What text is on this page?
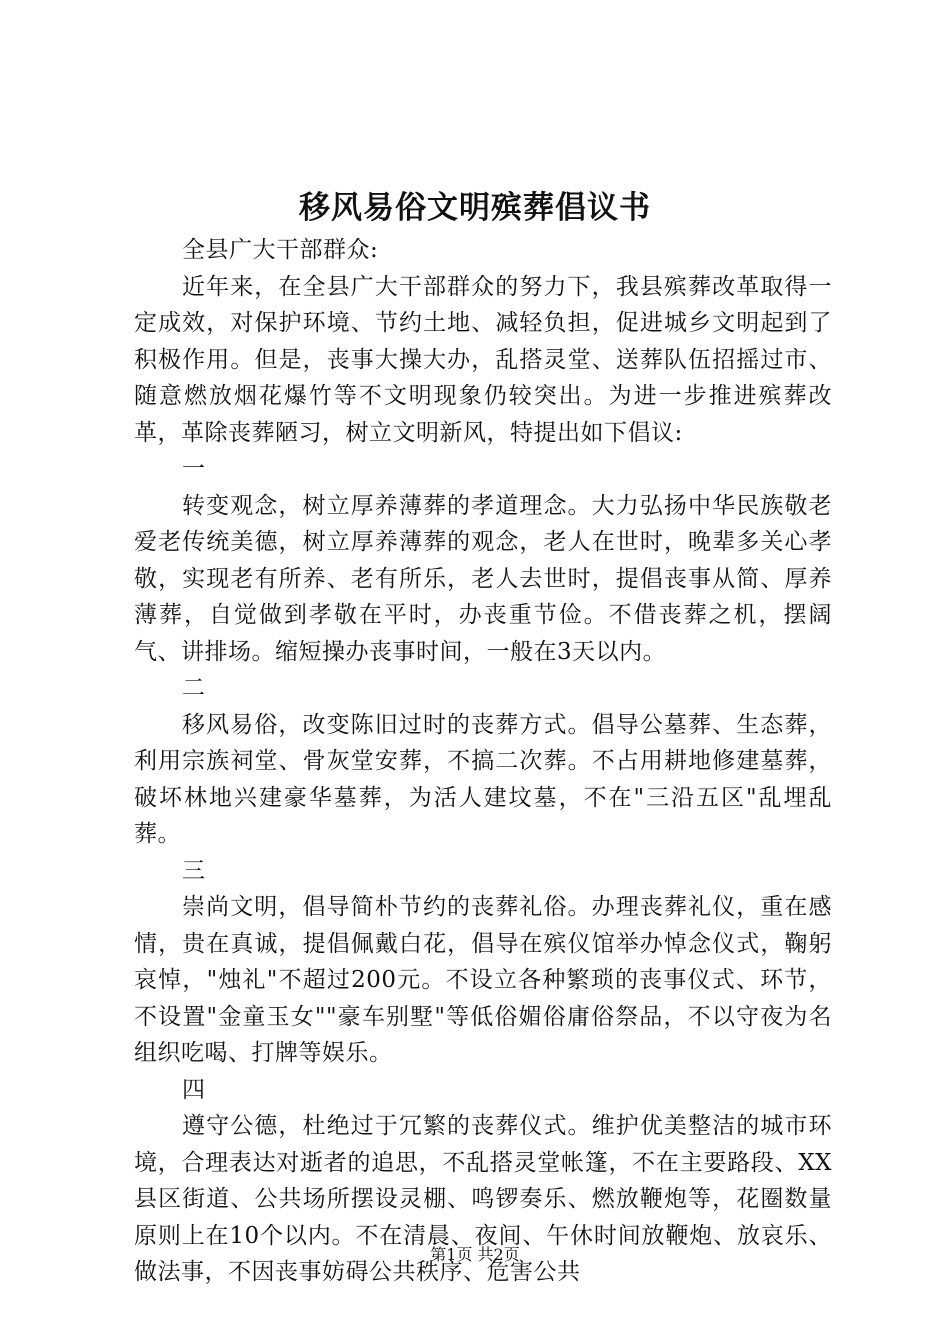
移风易俗文明殡葬倡议书

全县广大干部群众:

近年来，在全县广大干部群众的努力下，我县殡葬改革取得一定成效，对保护环境、节约土地、减轻负担，促进城乡文明起到了积极作用。但是，丧事大操大办，乱搭灵堂、送葬队伍招摇过市、随意燃放烟花爆竹等不文明现象仍较突出。为进一步推进殡葬改革，革除丧葬陋习，树立文明新风，特提出如下倡议:

一

转变观念，树立厚养薄葬的孝道理念。大力弘扬中华民族敬老爱老传统美德，树立厚养薄葬的观念，老人在世时，晚辈多关心孝敬，实现老有所养、老有所乐，老人去世时，提倡丧事从简、厚养薄葬，自觉做到孝敬在平时，办丧重节俭。不借丧葬之机，摆阔气、讲排场。缩短操办丧事时间，一般在3天以内。

二

移风易俗，改变陈旧过时的丧葬方式。倡导公墓葬、生态葬，利用宗族祠堂、骨灰堂安葬，不搞二次葬。不占用耕地修建墓葬，破坏林地兴建豪华墓葬，为活人建坟墓，不在"三沿五区"乱埋乱葬。

三

崇尚文明，倡导简朴节约的丧葬礼俗。办理丧葬礼仪，重在感情，贵在真诚，提倡佩戴白花，倡导在殡仪馆举办悼念仪式，鞠躬哀悼，"烛礼"不超过200元。不设立各种繁琐的丧事仪式、环节，不设置"金童玉女""豪车别墅"等低俗媚俗庸俗祭品，不以守夜为名组织吃喝、打牌等娱乐。

四

遵守公德，杜绝过于冗繁的丧葬仪式。维护优美整洁的城市环境，合理表达对逝者的追思，不乱搭灵堂帐篷，不在主要路段、XX县区街道、公共场所摆设灵棚、鸣锣奏乐、燃放鞭炮等，花圈数量原则上在10个以内。不在清晨、夜间、午休时间放鞭炮、放哀乐、做法事，不因丧事妨碍公共秩序、危害公共

第1页 共2页
